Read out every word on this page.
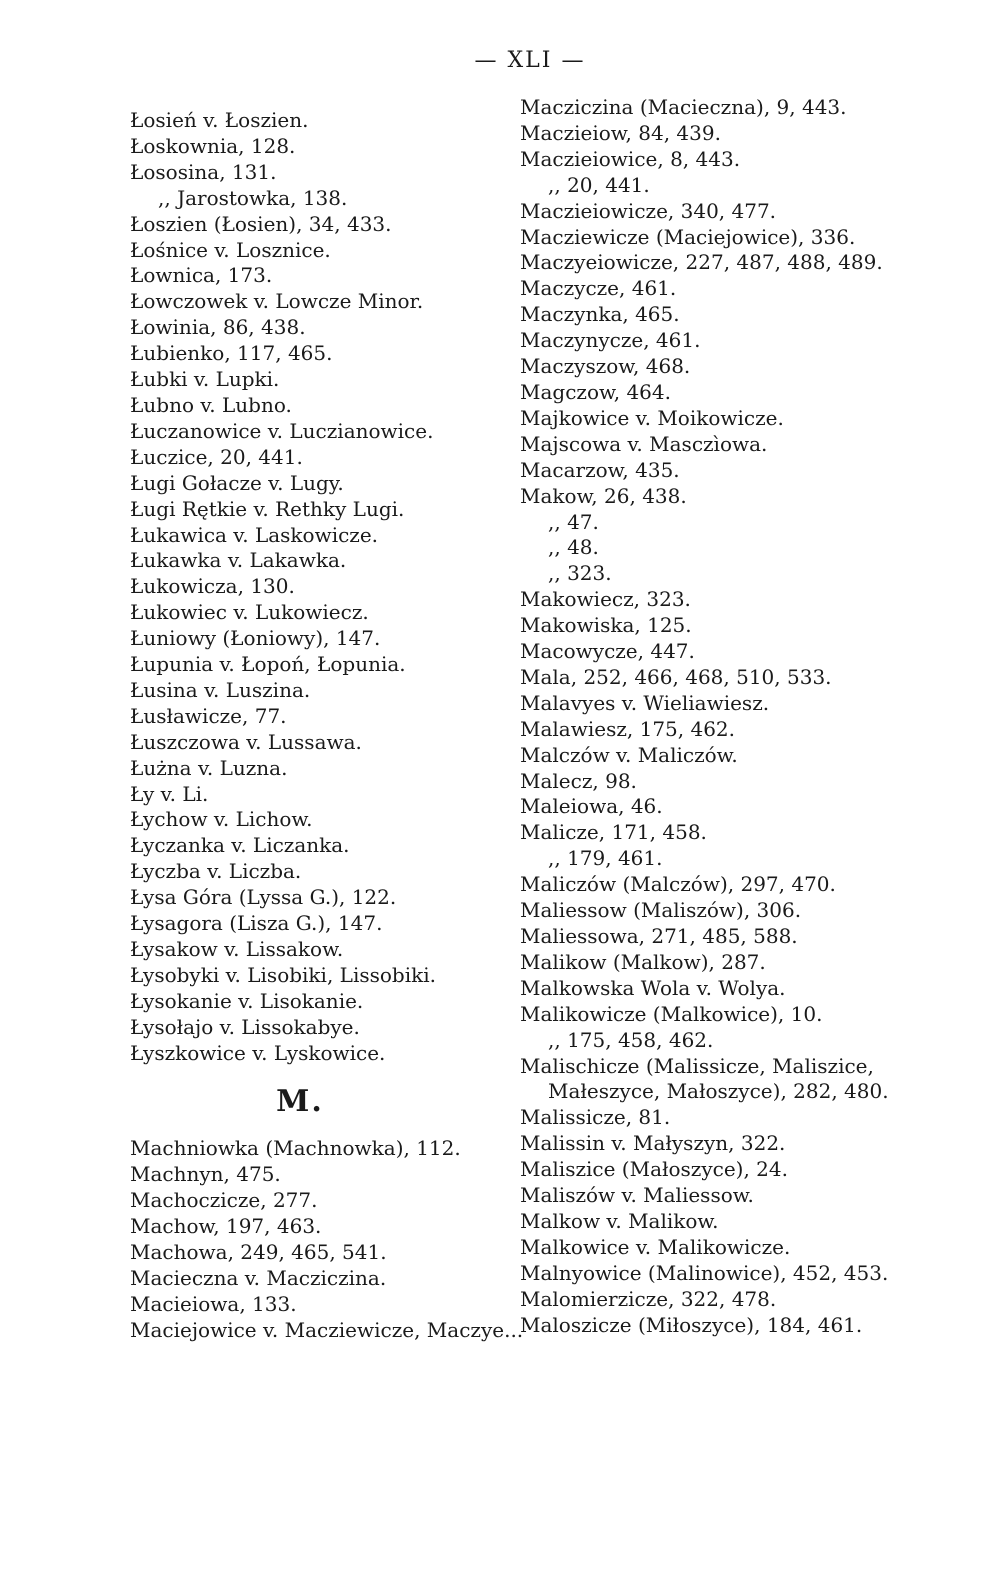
— XLI —
Łosień v. Łoszien.
Łoskownia, 128.
Łososina, 131.
,, Jarostowka, 138.
Łoszien (Łosien), 34, 433.
Łośnice v. Losznice.
Łownica, 173.
Łowczowek v. Lowcze Minor.
Łowinia, 86, 438.
Łubienko, 117, 465.
Łubki v. Lupki.
Łubno v. Lubno.
Łuczanowice v. Luczianowice.
Łuczice, 20, 441.
Ługi Gołacze v. Lugy.
Ługi Rętkie v. Rethky Lugi.
Łukawica v. Laskowicze.
Łukawka v. Lakawka.
Łukowicza, 130.
Łukowiec v. Lukowiecz.
Łuniowy (Łoniowy), 147.
Łupunia v. Łopoń, Łopunia.
Łusina v. Luszina.
Łusławicze, 77.
Łuszczowa v. Lussawa.
Łużna v. Luzna.
Ły v. Li.
Łychow v. Lichow.
Łyczanka v. Liczanka.
Łyczba v. Liczba.
Łysa Góra (Lyssa G.), 122.
Łysagora (Lisza G.), 147.
Łysakow v. Lissakow.
Łysobyki v. Lisobiki, Lissobiki.
Łysokanie v. Lisokanie.
Łysołajo v. Lissokabye.
Łyszkowice v. Lyskowice.
M.
Machniowka (Machnowka), 112.
Machnyn, 475.
Machoczicze, 277.
Machow, 197, 463.
Machowa, 249, 465, 541.
Macieczna v. Macziczina.
Macieiowa, 133.
Maciejowice v. Macziewicze, Maczye...
Macziczina (Macieczna), 9, 443.
Maczieiow, 84, 439.
Maczieiowice, 8, 443.
,, 20, 441.
Maczieiowicze, 340, 477.
Macziewicze (Maciejowice), 336.
Maczyeiowicze, 227, 487, 488, 489.
Maczycze, 461.
Maczynka, 465.
Maczynycze, 461.
Maczyszow, 468.
Magczow, 464.
Majkowice v. Moikowicze.
Majscowa v. Masczìowa.
Macarzow, 435.
Makow, 26, 438.
,, 47.
,, 48.
,, 323.
Makowiecz, 323.
Makowiska, 125.
Macowycze, 447.
Mala, 252, 466, 468, 510, 533.
Malavyes v. Wieliawiesz.
Malawiesz, 175, 462.
Malczów v. Maliczów.
Malecz, 98.
Maleiowa, 46.
Malicze, 171, 458.
,, 179, 461.
Maliczów (Malczów), 297, 470.
Maliessow (Maliszów), 306.
Maliessowa, 271, 485, 588.
Malikow (Malkow), 287.
Malkowska Wola v. Wolya.
Malikowicze (Malkowice), 10.
,, 175, 458, 462.
Malischicze (Malissicze, Maliszice,
Małeszyce, Małoszyce), 282, 480.
Malissicze, 81.
Malissin v. Małyszyn, 322.
Maliszice (Małoszyce), 24.
Maliszów v. Maliessow.
Malkow v. Malikow.
Malkowice v. Malikowicze.
Malnyowice (Malinowice), 452, 453.
Malomierzicze, 322, 478.
Maloszicze (Miłoszyce), 184, 461.
